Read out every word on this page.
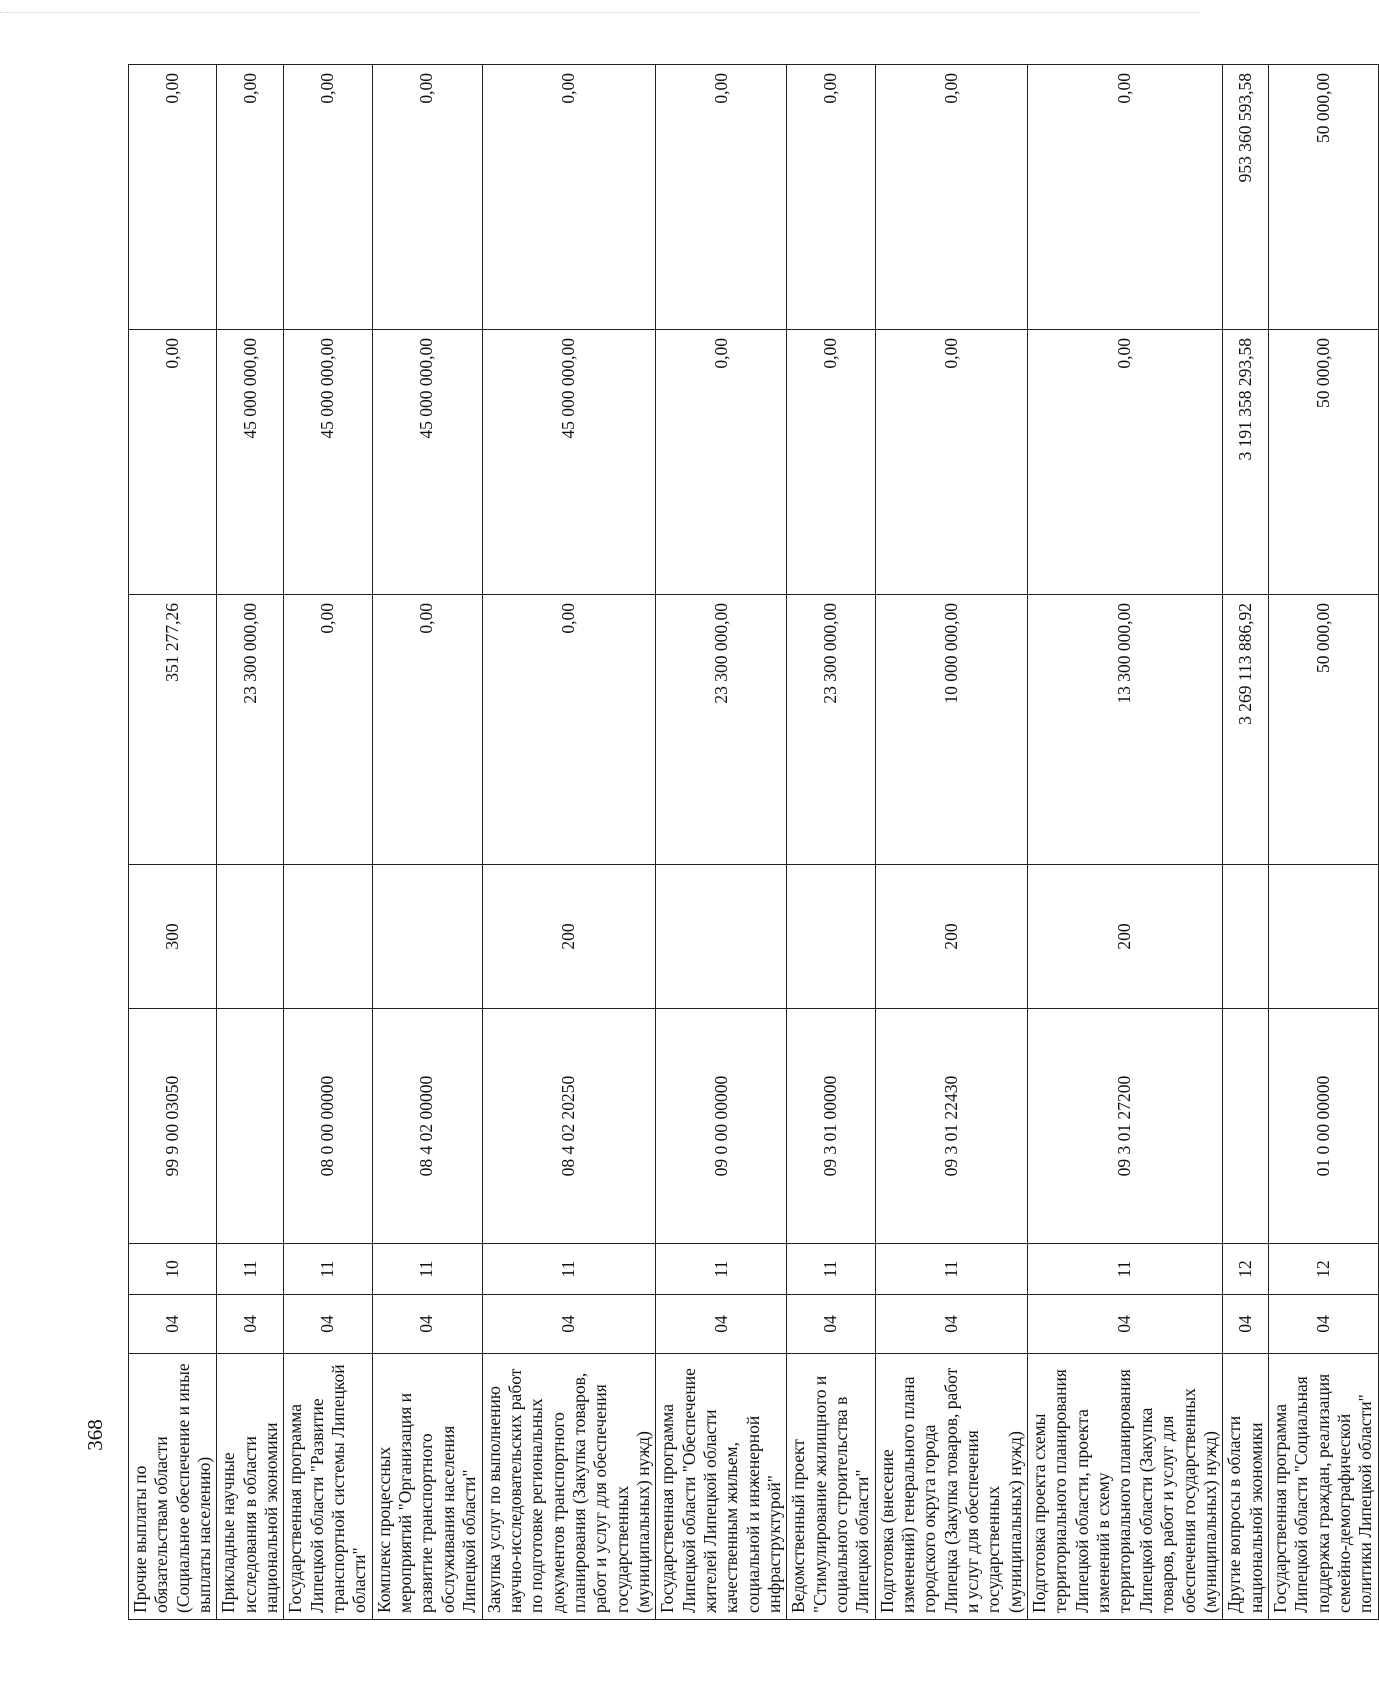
368
Прочие выплаты по обязательствам области (Социальное обеспечение и иные выплаты населению)	04	10	99 9 00 03050	300	351 277,26	0,00	0,00
Прикладные научные исследования в области национальной экономики	04	11			23 300 000,00	45 000 000,00	0,00
Государственная программа Липецкой области "Развитие транспортной системы Липецкой области"	04	11	08 0 00 00000		0,00	45 000 000,00	0,00
Комплекс процессных мероприятий "Организация и развитие транспортного обслуживания населения Липецкой области"	04	11	08 4 02 00000		0,00	45 000 000,00	0,00
Закупка услуг по выполнению научно-исследовательских работ по подготовке региональных документов транспортного планирования (Закупка товаров, работ и услуг для обеспечения государственных (муниципальных) нужд)	04	11	08 4 02 20250	200	0,00	45 000 000,00	0,00
Государственная программа Липецкой области "Обеспечение жителей Липецкой области качественным жильем, социальной и инженерной инфраструктурой"	04	11	09 0 00 00000		23 300 000,00	0,00	0,00
Ведомственный проект "Стимулирование жилищного и социального строительства в Липецкой области"	04	11	09 3 01 00000		23 300 000,00	0,00	0,00
Подготовка (внесение изменений) генерального плана городского округа города Липецка (Закупка товаров, работ и услуг для обеспечения государственных (муниципальных) нужд)	04	11	09 3 01 22430	200	10 000 000,00	0,00	0,00
Подготовка проекта схемы территориального планирования Липецкой области, проекта изменений в схему территориального планирования Липецкой области (Закупка товаров, работ и услуг для обеспечения государственных (муниципальных) нужд)	04	11	09 3 01 27200	200	13 300 000,00	0,00	0,00
Другие вопросы в области национальной экономики	04	12			3 269 113 886,92	3 191 358 293,58	953 360 593,58
Государственная программа Липецкой области "Социальная поддержка граждан, реализация семейно-демографической политики Липецкой области"	04	12	01 0 00 00000		50 000,00	50 000,00	50 000,00
